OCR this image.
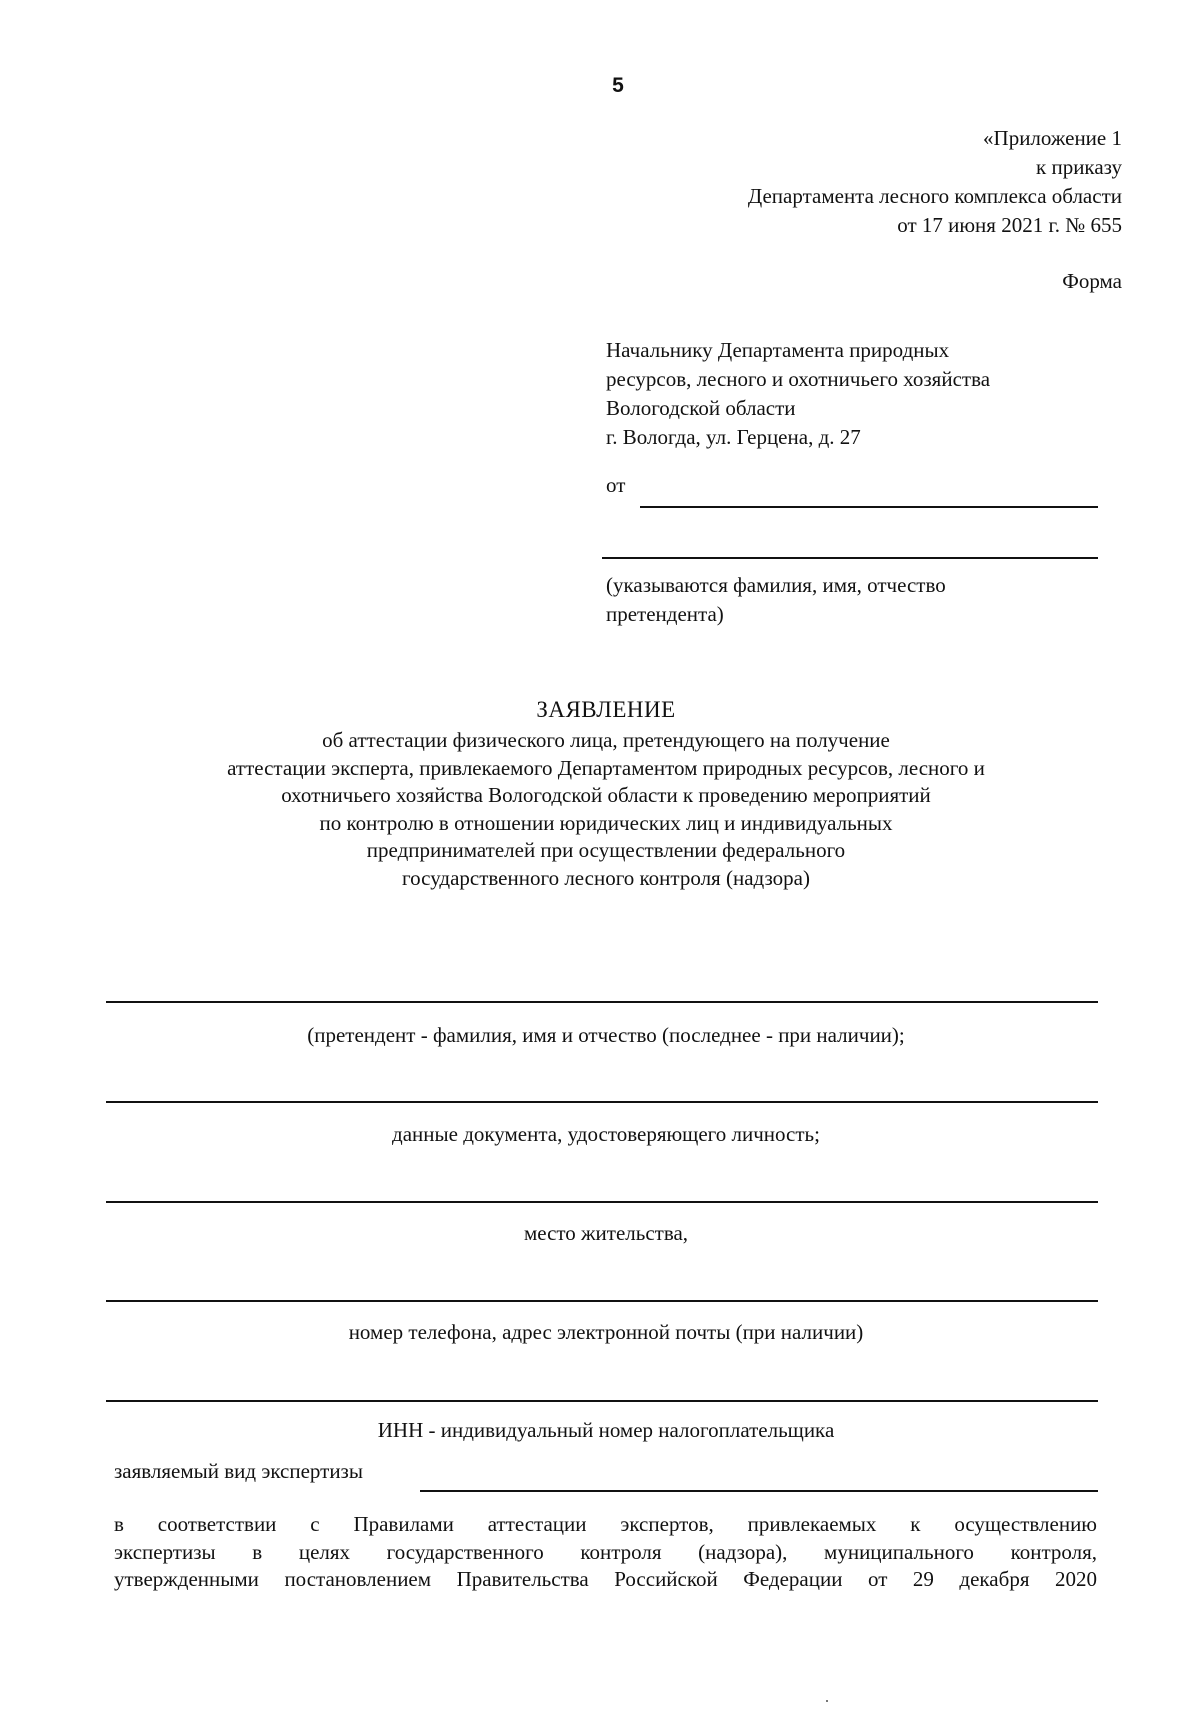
5
«Приложение 1
к приказу
Департамента лесного комплекса области
от 17 июня 2021 г. № 655
Форма
Начальнику Департамента природных
ресурсов, лесного и охотничьего хозяйства
Вологодской области
г. Вологда, ул. Герцена, д. 27
от
(указываются фамилия, имя, отчество
претендента)
ЗАЯВЛЕНИЕ
об аттестации физического лица, претендующего на получение
аттестации эксперта, привлекаемого Департаментом природных ресурсов, лесного и
охотничьего хозяйства Вологодской области к проведению мероприятий
по контролю в отношении юридических лиц и индивидуальных
предпринимателей при осуществлении федерального
государственного лесного контроля (надзора)
(претендент - фамилия, имя и отчество (последнее - при наличии);
данные документа, удостоверяющего личность;
место жительства,
номер телефона, адрес электронной почты (при наличии)
ИНН - индивидуальный номер налогоплательщика
заявляемый вид экспертизы
в соответствии с Правилами аттестации экспертов, привлекаемых к осуществлению
экспертизы в целях государственного контроля (надзора), муниципального контроля,
утвержденными постановлением Правительства Российской Федерации от 29 декабря 2020
